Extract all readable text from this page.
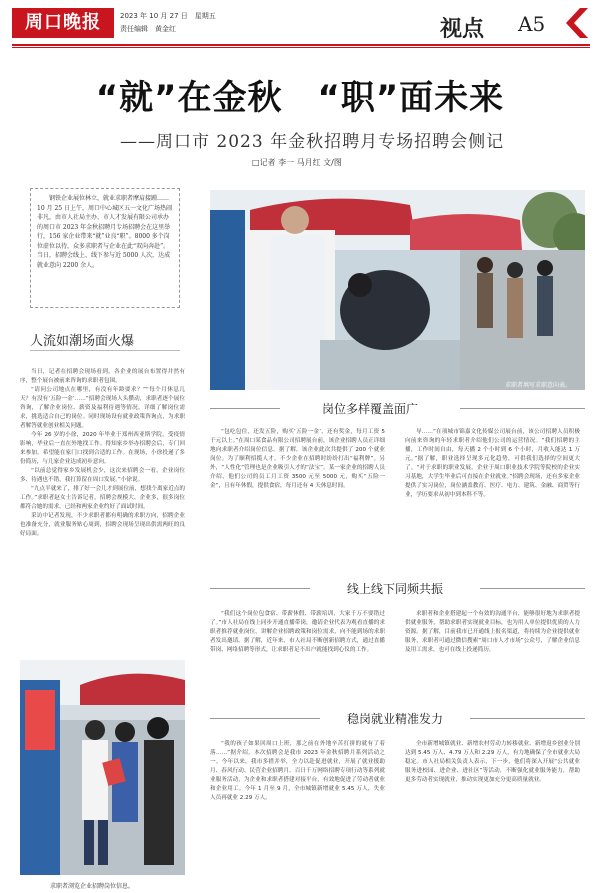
周口晚报	2023 年 10 月 27 日　星期五
责任编辑　黄金红	视点 A5
“就”在金秋　“职”面未来
——周口市 2023 年金秋招聘月专场招聘会侧记
□记者 李一 马月红 文/图
钢铁企业展位林立，就业求职者摩肩接踵……10 月 25 日上午，周口中心城区五一文化广场热闹非凡，由市人社局主办、市人才发展有限公司承办的周口市 2023 年金秋招聘月专场招聘会在这里举行，156 家企业带来“就”业良“职”。8000 多个岗位虚位以待，众多求职者与企业在此“双向奔赴”。当日，招聘会线上、线下参与近 5000 人次，达成就业意向 2200 余人。
人流如潮场面火爆

当日，记者在招聘会现场看到，各企业的展台布置得井然有序，整个展台被前来咨询的求职者包围。

“请问公司地点在哪里，有没有年龄要求？”“每个月休息几天？有没有‘五险一金’……”招聘会现场人头攒动，求职者逐个展位咨询，了解企业岗位、薪资及福利待遇等情况，详细了解岗位需求，挑选适合自己的岗位。同时现场设有就业政策咨询点，为求职者解答就业创业相关问题。

今年 26 岁的小徐，2020 年毕业于郑州西亚斯学院，受疫情影响，毕业后一直在外地找工作。得知家乡举办招聘会后，专门回来参加，希望能在家门口找到合适的工作。在现场，小徐投递了多份简历，与几家企业达成初步意向。

“以前总觉得家乡发展机会少，这次来招聘会一看，企业岗位多、待遇也不错，我打算留在周口发展。”小徐说。

“九点半就来了，排了好一会儿才到展位前，想找个离家近点的工作。”求职者赵女士告诉记者，招聘会规模大、企业多，很多岗位都符合她的需求，已经和两家企业约好了面试时间。

采访中记者发现，不少求职者都有明确的求职方向，招聘企业也准备充分，就业服务贴心周到，招聘会现场呈现出供需两旺的良好局面。

求职者填写求职意向表。
岗位多样覆盖面广

“包吃包住，还发五险，购买‘五险一金’，还有奖金，每月工资 5 千元以上。”在周口某食品有限公司招聘展台前，该企业招聘人员正详细地向求职者介绍岗位信息。据了解，该企业此次共提供了 200 个就业岗位。为了顺利招揽人才，不少企业在招聘时纷纷打出“福利牌”。另外，“人性化”管理也是企业吸引人才的“法宝”。某一家企业的招聘人员介绍，他们公司的员工月工资 3500 元至 5000 元，购买“五险一金”，且有年休假，提供食宿，每月还有 4 天休息时间。

导……”在项城市锦嘉文化传媒公司展台前，该公司招聘人员积极向前来咨询的年轻求职者介绍他们公司的运营情况。“我们招聘的主播，工作时间自由，每天播 2 个小时到 6 个小时，月收入能达 1 万元。”据了解，职业选择呈现多元化趋势，可供我们选择的空间更大了。“对于求职的职业发展，企业于周口职业技术学院等院校的企业实习基地，大学生毕业后可直接在企业就业。”招聘会现场，还有多家企业提供了实习岗位，岗位涵盖教育、医疗、电力、建筑、金融、商贸等行业，学历要求从初中到本科不等。

线上线下同频共振

“我们这个岗位包食宿、带薪休假、带薪培训，大家千万不要错过了。”市人社局在线上同步开通直播带岗，邀请企业代表为观看直播的求职者推荐就业岗位，讲解企业招聘政策和岗位需求，向不能到场的求职者发出邀请。据了解，近年来，市人社局不断创新招聘方式，通过直播带岗、网络招聘等形式，让求职者足不出户就能找到心仪的工作。

求职者和企业搭建起一个有效的沟通平台，能够很好地为求职者提供就业服务，帮助求职者实现就业目标，也为用人单位提供优质的人力资源。据了解，目前我市已开通线上报名渠道，将持续为企业提供就业服务，求职者可通过微信搜索“周口市人才市场”公众号，了解企业信息及用工需求，也可在线上投递简历。

稳岗就业精准发力

“我的孩子如果回周口上班，那之前在外地辛苦打拼的就有了着落……”据介绍，本次招聘会是我市 2023 年金秋招聘月系列活动之一。今年以来，我市多措并举，全力以赴促进就业，开展了就业援助月、春风行动、民营企业招聘月、百日千万网络招聘专项行动等系列就业服务活动，为企业和求职者搭建对接平台，有效地促进了劳动者就业和企业用工。今年 1 月至 9 月，全市城镇新增就业 5.45 万人，失业人员再就业 2.29 万人。

全市新增城镇就业、新增农村劳动力转移就业、新增返乡创业分别达到 5.45 万人、4.79 万人和 2.29 万人，有力地确保了全市就业大局稳定。市人社局相关负责人表示，下一步，他们将深入开展“公共就业服务进校园、进企业、进社区”等活动，不断强化就业服务能力，帮助更多劳动者实现就业，推动实现更加充分更高质量就业。

求职者浏览企业招聘岗位信息。
